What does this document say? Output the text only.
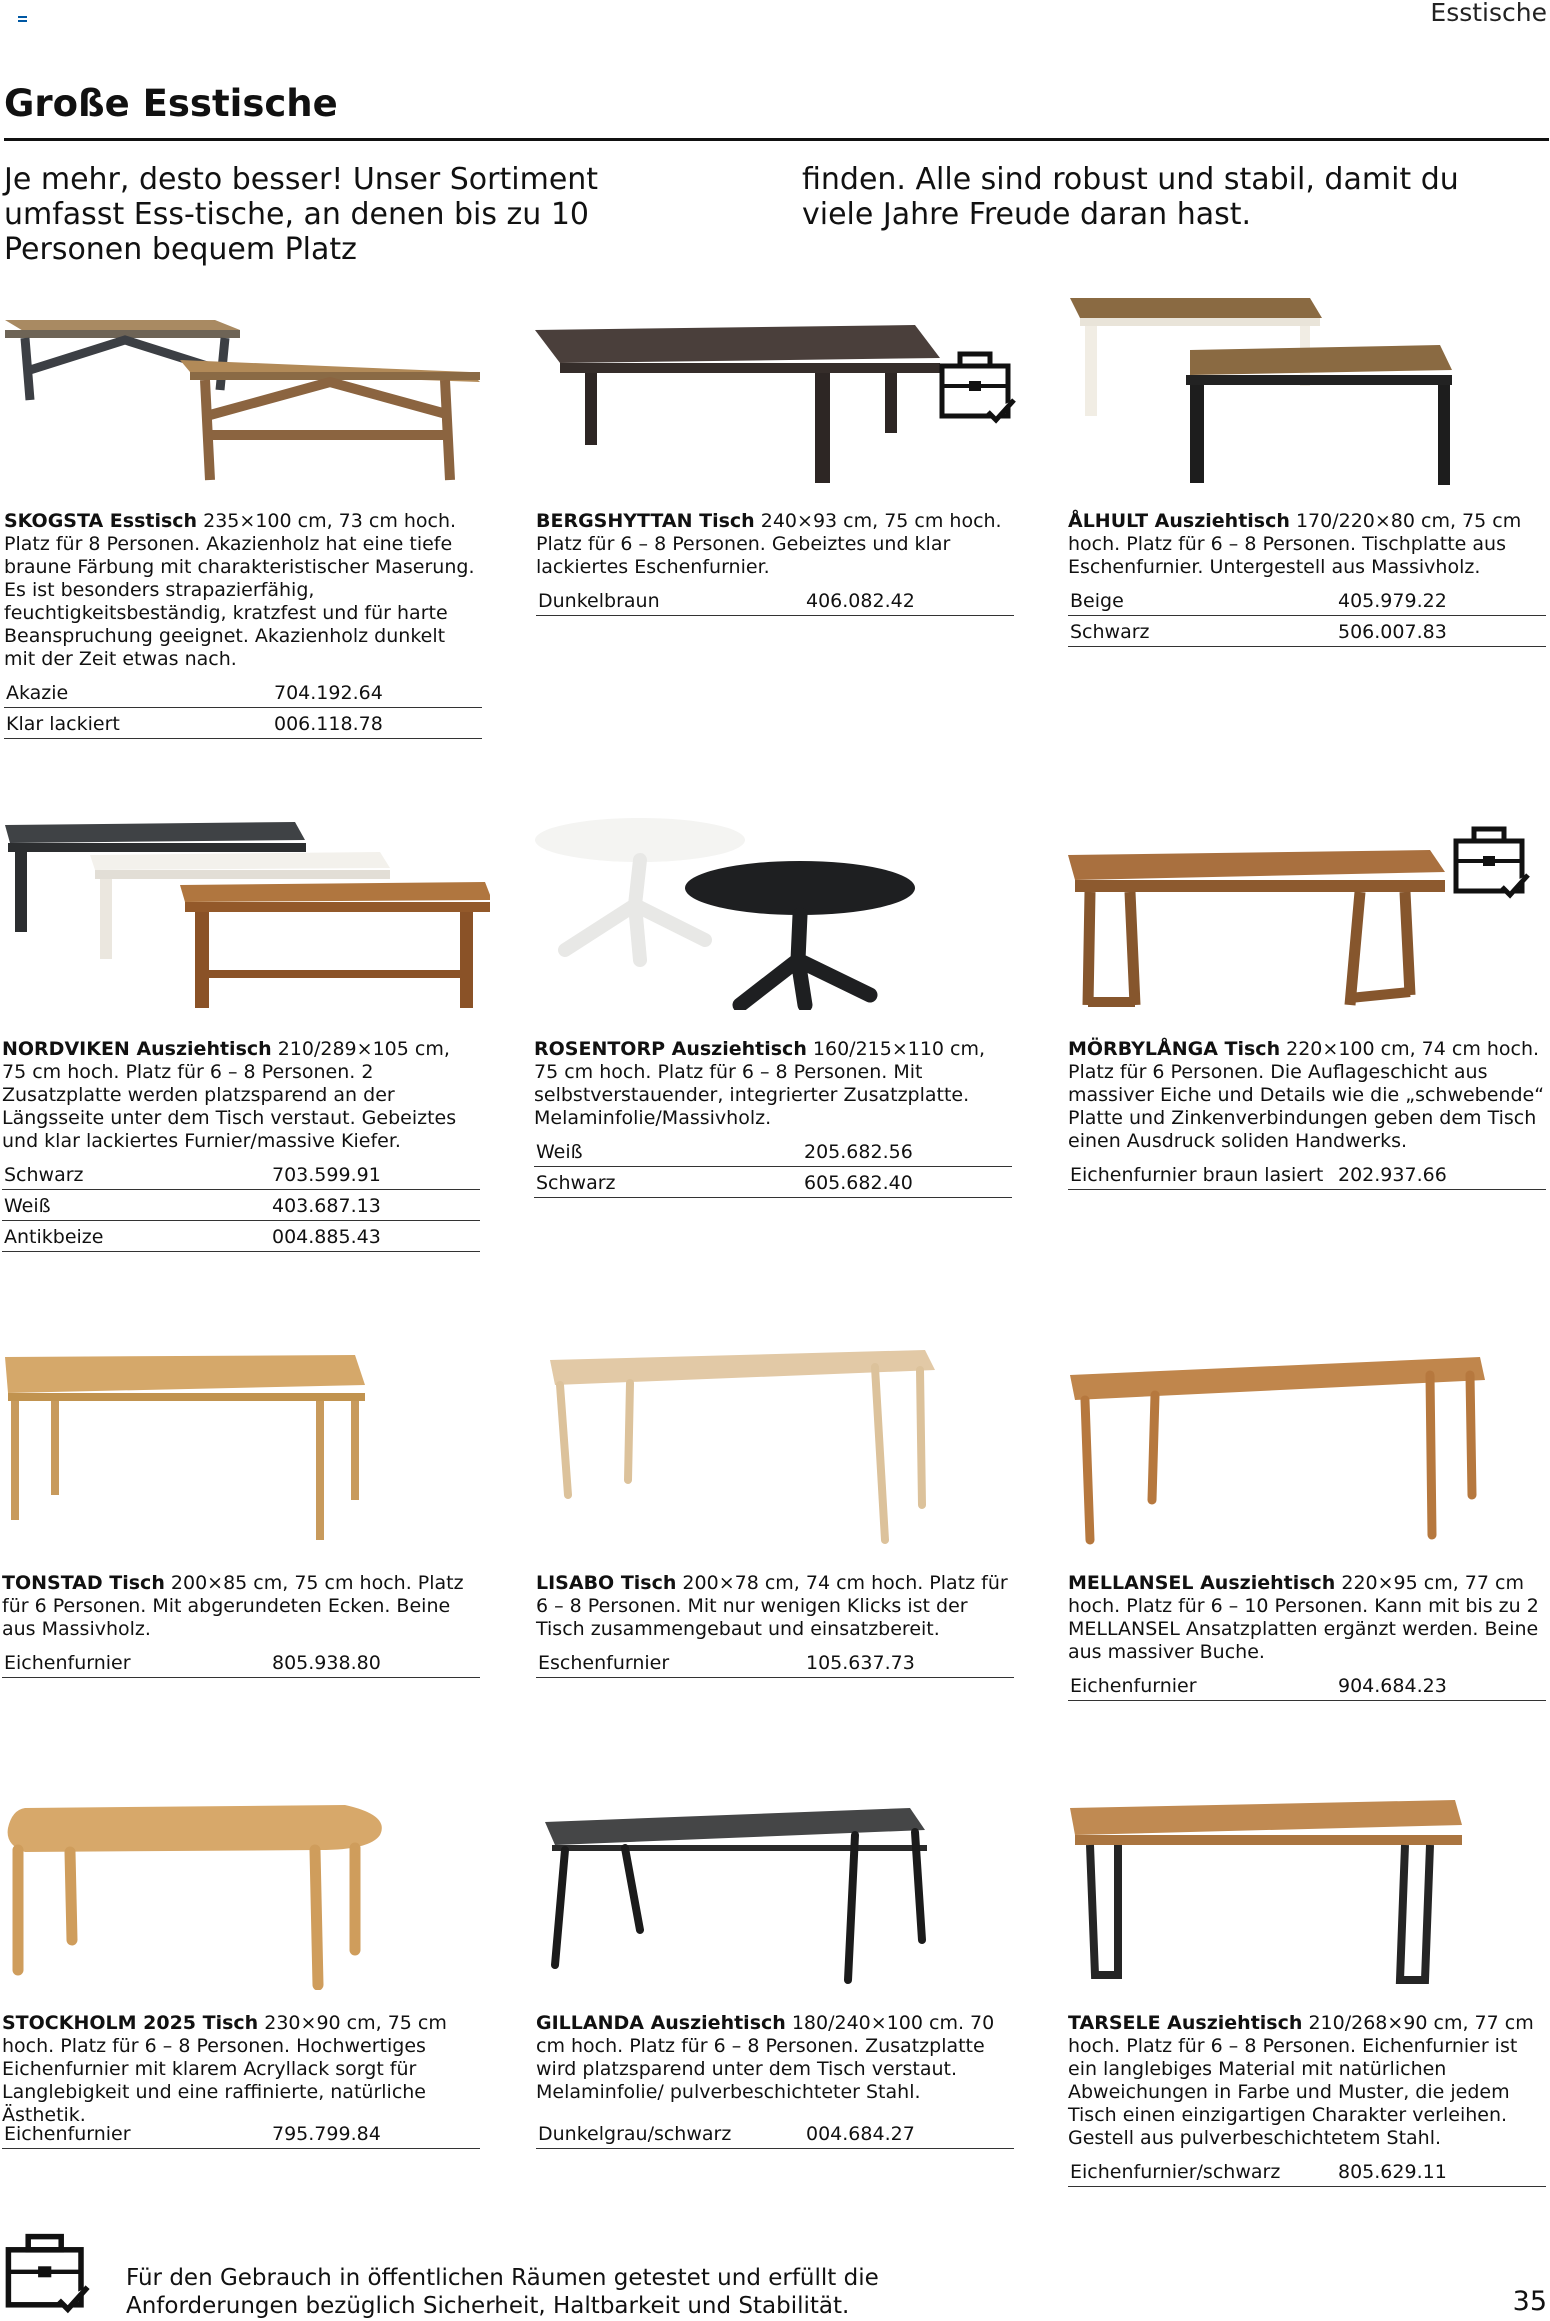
Esstische
Große Esstische
Je mehr, desto besser! Unser Sortiment umfasst Ess-tische, an denen bis zu 10 Personen bequem Platz
finden. Alle sind robust und stabil, damit du viele Jahre Freude daran hast.

SKOGSTA Esstisch 235×100 cm, 73 cm hoch. Platz für 8 Personen. Akazienholz hat eine tiefe braune Färbung mit charakteristischer Maserung. Es ist besonders strapazierfähig, feuchtigkeitsbeständig, kratzfest und für harte Beanspruchung geeignet. Akazienholz dunkelt mit der Zeit etwas nach.

Akazie	704.192.64
Klar lackiert	006.118.78

BERGSHYTTAN Tisch 240×93 cm, 75 cm hoch. Platz für 6 – 8 Personen. Gebeiztes und klar lackiertes Eschenfurnier.

Dunkelbraun	406.082.42

ÅLHULT Ausziehtisch 170/220×80 cm, 75 cm hoch. Platz für 6 – 8 Personen. Tischplatte aus Eschenfurnier. Untergestell aus Massivholz.

Beige	405.979.22
Schwarz	506.007.83

NORDVIKEN Ausziehtisch 210/289×105 cm, 75 cm hoch. Platz für 6 – 8 Personen. 2 Zusatzplatte werden platzsparend an der Längsseite unter dem Tisch verstaut. Gebeiztes und klar lackiertes Furnier/massive Kiefer.

Schwarz	703.599.91
Weiß	403.687.13
Antikbeize	004.885.43

ROSENTORP Ausziehtisch 160/215×110 cm, 75 cm hoch. Platz für 6 – 8 Personen. Mit selbstverstauender, integrierter Zusatzplatte. Melaminfolie/Massivholz.

Weiß	205.682.56
Schwarz	605.682.40

MÖRBYLÅNGA Tisch 220×100 cm, 74 cm hoch. Platz für 6 Personen. Die Auflageschicht aus massiver Eiche und Details wie die „schwebende“ Platte und Zinkenverbindungen geben dem Tisch einen Ausdruck soliden Handwerks.

Eichenfurnier braun lasiert 202.937.66

TONSTAD Tisch 200×85 cm, 75 cm hoch. Platz für 6 Personen. Mit abgerundeten Ecken. Beine aus Massivholz.

Eichenfurnier	805.938.80

LISABO Tisch 200×78 cm, 74 cm hoch. Platz für 6 – 8 Personen. Mit nur wenigen Klicks ist der Tisch zusammengebaut und einsatzbereit.

Eschenfurnier	105.637.73

MELLANSEL Ausziehtisch 220×95 cm, 77 cm hoch. Platz für 6 – 10 Personen. Kann mit bis zu 2 MELLANSEL Ansatzplatten ergänzt werden. Beine aus massiver Buche.

Eichenfurnier	904.684.23

STOCKHOLM 2025 Tisch 230×90 cm, 75 cm hoch. Platz für 6 – 8 Personen. Hochwertiges Eichenfurnier mit klarem Acryllack sorgt für Langlebigkeit und eine raffinierte, natürliche Ästhetik.

Eichenfurnier	795.799.84

GILLANDA Ausziehtisch 180/240×100 cm. 70 cm hoch. Platz für 6 – 8 Personen. Zusatzplatte wird platzsparend unter dem Tisch verstaut. Melaminfolie/ pulverbeschichteter Stahl.

Dunkelgrau/schwarz	004.684.27

TARSELE Ausziehtisch 210/268×90 cm, 77 cm hoch. Platz für 6 – 8 Personen. Eichenfurnier ist ein langlebiges Material mit natürlichen Abweichungen in Farbe und Muster, die jedem Tisch einen einzigartigen Charakter verleihen. Gestell aus pulverbeschichtetem Stahl.

Eichenfurnier/schwarz	805.629.11
Für den Gebrauch in öffentlichen Räumen getestet und erfüllt die Anforderungen bezüglich Sicherheit, Haltbarkeit und Stabilität.	35
